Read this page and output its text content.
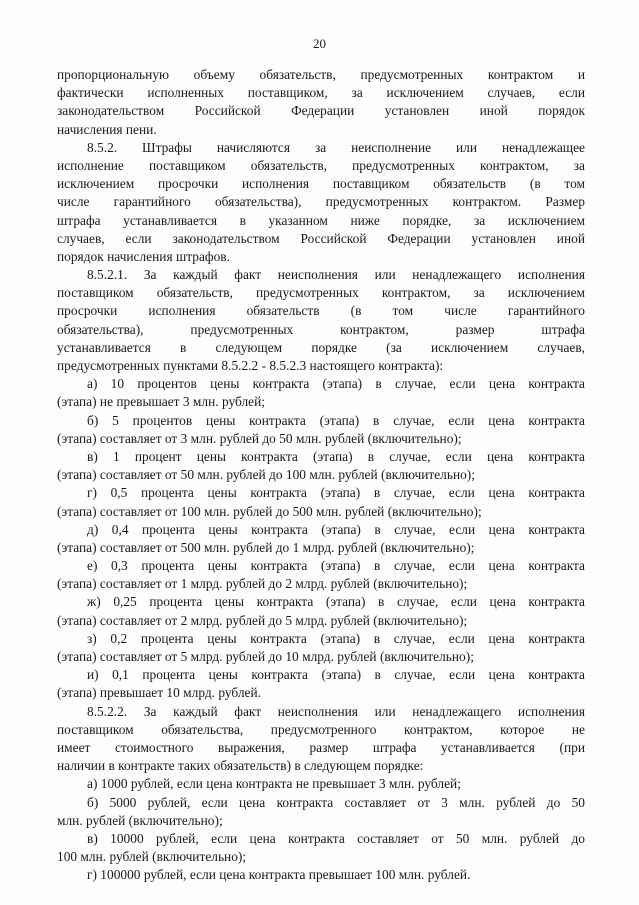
20
пропорциональную объему обязательств, предусмотренных контрактом и
фактически исполненных поставщиком, за исключением случаев, если
законодательством Российской Федерации установлен иной порядок
начисления пени.
8.5.2. Штрафы начисляются за неисполнение или ненадлежащее
исполнение поставщиком обязательств, предусмотренных контрактом, за
исключением просрочки исполнения поставщиком обязательств (в том
числе гарантийного обязательства), предусмотренных контрактом. Размер
штрафа устанавливается в указанном ниже порядке, за исключением
случаев, если законодательством Российской Федерации установлен иной
порядок начисления штрафов.
8.5.2.1. За каждый факт неисполнения или ненадлежащего исполнения
поставщиком обязательств, предусмотренных контрактом, за исключением
просрочки исполнения обязательств (в том числе гарантийного
обязательства), предусмотренных контрактом, размер штрафа
устанавливается в следующем порядке (за исключением случаев,
предусмотренных пунктами 8.5.2.2 - 8.5.2.3 настоящего контракта):
а) 10 процентов цены контракта (этапа) в случае, если цена контракта
(этапа) не превышает 3 млн. рублей;
б) 5 процентов цены контракта (этапа) в случае, если цена контракта
(этапа) составляет от 3 млн. рублей до 50 млн. рублей (включительно);
в) 1 процент цены контракта (этапа) в случае, если цена контракта
(этапа) составляет от 50 млн. рублей до 100 млн. рублей (включительно);
г) 0,5 процента цены контракта (этапа) в случае, если цена контракта
(этапа) составляет от 100 млн. рублей до 500 млн. рублей (включительно);
д) 0,4 процента цены контракта (этапа) в случае, если цена контракта
(этапа) составляет от 500 млн. рублей до 1 млрд. рублей (включительно);
е) 0,3 процента цены контракта (этапа) в случае, если цена контракта
(этапа) составляет от 1 млрд. рублей до 2 млрд. рублей (включительно);
ж) 0,25 процента цены контракта (этапа) в случае, если цена контракта
(этапа) составляет от 2 млрд. рублей до 5 млрд. рублей (включительно);
з) 0,2 процента цены контракта (этапа) в случае, если цена контракта
(этапа) составляет от 5 млрд. рублей до 10 млрд. рублей (включительно);
и) 0,1 процента цены контракта (этапа) в случае, если цена контракта
(этапа) превышает 10 млрд. рублей.
8.5.2.2. За каждый факт неисполнения или ненадлежащего исполнения
поставщиком обязательства, предусмотренного контрактом, которое не
имеет стоимостного выражения, размер штрафа устанавливается (при
наличии в контракте таких обязательств) в следующем порядке:
а) 1000 рублей, если цена контракта не превышает 3 млн. рублей;
б) 5000 рублей, если цена контракта составляет от 3 млн. рублей до 50
млн. рублей (включительно);
в) 10000 рублей, если цена контракта составляет от 50 млн. рублей до
100 млн. рублей (включительно);
г) 100000 рублей, если цена контракта превышает 100 млн. рублей.
